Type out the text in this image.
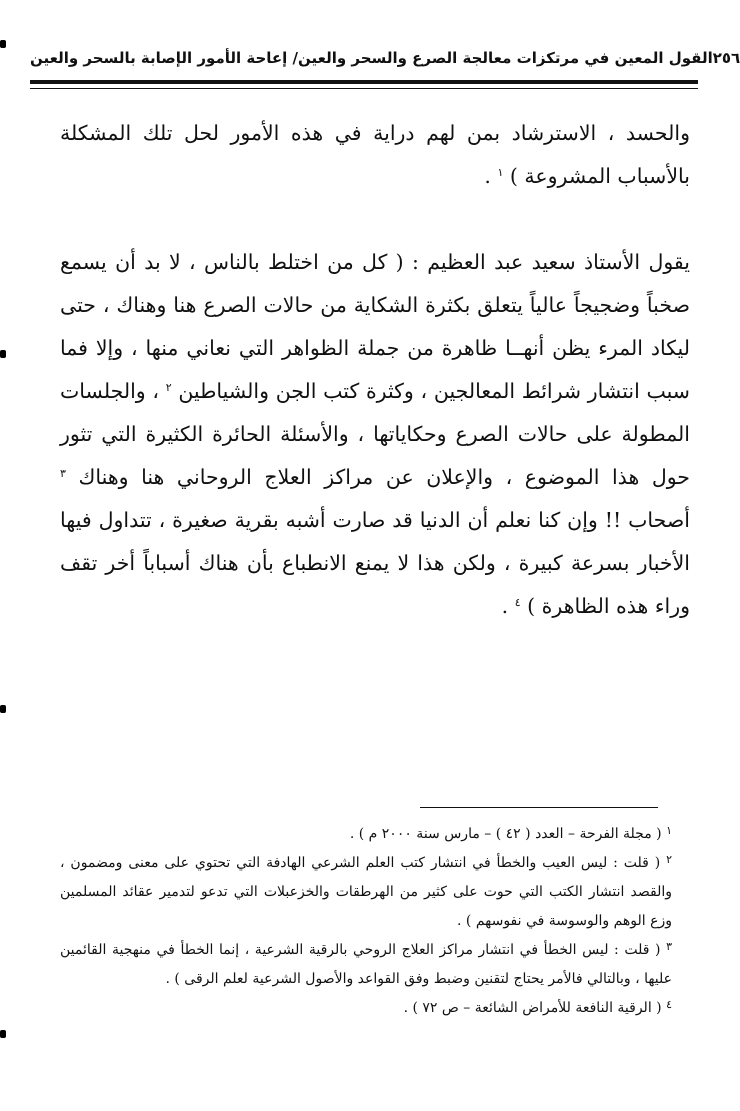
القول المعين في مرتكزات معالجة الصرع والسحر والعين/ إعاحة الأمور الإصابة بالسحر والعين ٢٥٦

والحسد ، الاسترشاد بمن لهم دراية في هذه الأمور لحل تلك المشكلة بالأسباب المشروعة ) $^١$ .

يقول الأستاذ سعيد عبد العظيم : ( كل من اختلط بالناس ، لا بد أن يسمع صخباً وضجيجاً عالياً يتعلق بكثرة الشكاية من حالات الصرع هنا وهناك ، حتى ليكاد المرء يظن أنهــا ظاهرة من جملة الظواهر التي نعاني منها ، وإلا فما سبب انتشار شرائط المعالجين ، وكثرة كتب الجن والشياطين $^٢$ ، والجلسات المطولة على حالات الصرع وحكاياتها ، والأسئلة الحائرة الكثيرة التي تثور حول هذا الموضوع ، والإعلان عن مراكز العلاج الروحاني هنا وهناك $^٣$ أصحاب !! وإن كنا نعلم أن الدنيا قد صارت أشبه بقرية صغيرة ، تتداول فيها الأخبار بسرعة كبيرة ، ولكن هذا لا يمنع الانطباع بأن هناك أسباباً أخر تقف وراء هذه الظاهرة ) $^٤$ .

$^١$ ( مجلة الفرحة – العدد ( ٤٢ ) – مارس سنة ٢٠٠٠ م ) .

$^٢$ ( قلت : ليس العيب والخطأ في انتشار كتب العلم الشرعي الهادفة التي تحتوي على معنى ومضمون ، والقصد انتشار الكتب التي حوت على كثير من الهرطقات والخزعبلات التي تدعو لتدمير عقائد المسلمين وزع الوهم والوسوسة في نفوسهم ) .

$^٣$ ( قلت : ليس الخطأ في انتشار مراكز العلاج الروحي بالرقية الشرعية ، إنما الخطأ في منهجية القائمين عليها ، وبالتالي فالأمر يحتاج لتقنين وضبط وفق القواعد والأصول الشرعية لعلم الرقى ) .

$^٤$ ( الرقية النافعة للأمراض الشائعة – ص ٧٢ ) .
